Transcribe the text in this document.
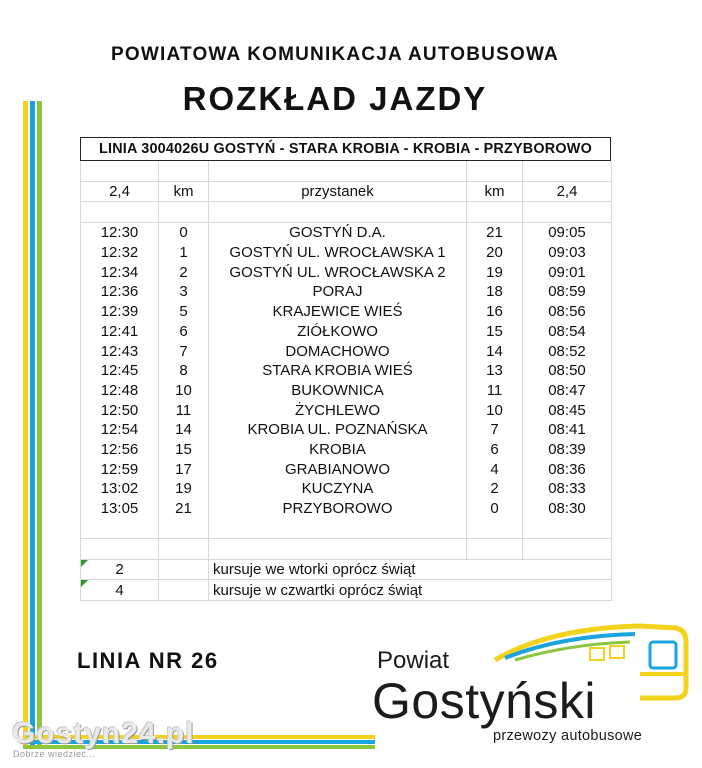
POWIATOWA KOMUNIKACJA AUTOBUSOWA
ROZKŁAD JAZDY
LINIA 3004026U GOSTYŃ - STARA KROBIA - KROBIA - PRZYBOROWO

2,4	km	przystanek	km	2,4

12:30	0	GOSTYŃ D.A.	21	09:05
12:32	1	GOSTYŃ UL. WROCŁAWSKA 1	20	09:03
12:34	2	GOSTYŃ UL. WROCŁAWSKA 2	19	09:01
12:36	3	PORAJ	18	08:59
12:39	5	KRAJEWICE WIEŚ	16	08:56
12:41	6	ZIÓŁKOWO	15	08:54
12:43	7	DOMACHOWO	14	08:52
12:45	8	STARA KROBIA WIEŚ	13	08:50
12:48	10	BUKOWNICA	11	08:47
12:50	11	ŻYCHLEWO	10	08:45
12:54	14	KROBIA UL. POZNAŃSKA	7	08:41
12:56	15	KROBIA	6	08:39
12:59	17	GRABIANOWO	4	08:36
13:02	19	KUCZYNA	2	08:33
13:05	21	PRZYBOROWO	0	08:30

2		kursuje we wtorki oprócz świąt		
4		kursuje w czwartki oprócz świąt		
LINIA NR 26	Powiat
Gostyński
przewozy autobusowe
Gostyn24.pl
Dobrze wiedzieć...
